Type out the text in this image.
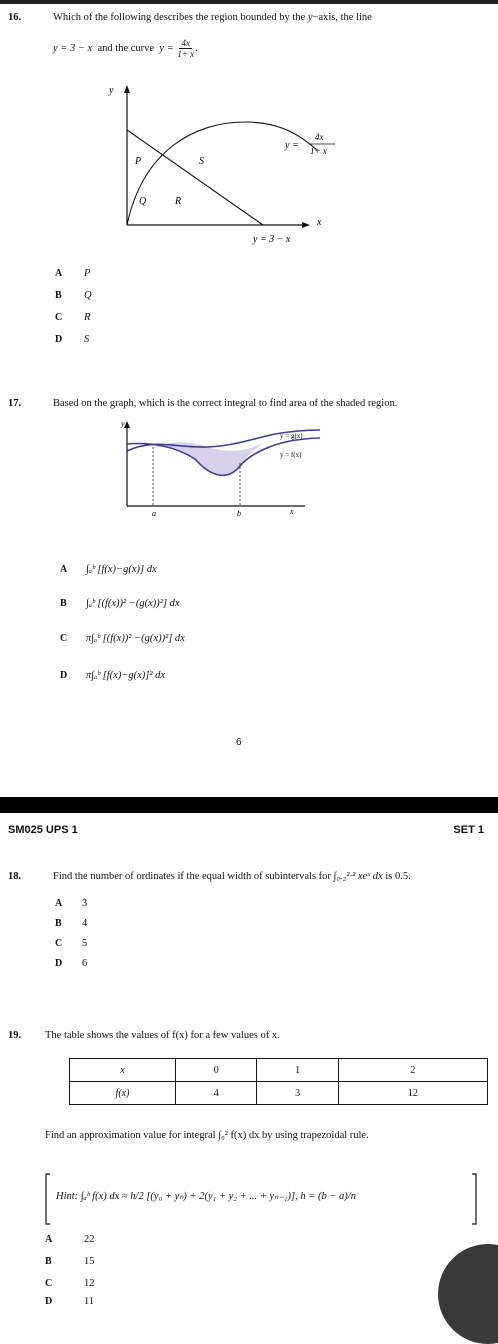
16.	Which of the following describes the region bounded by the y−axis, the line
y = 3 − x and the curve $y = \frac{4x}{1+ x}$ .
y
x
P	S
Q	R
y =
4x
1+ x
y = 3 − x
A P
B Q
C R
D S
17.	Based on the graph, which is the correct integral to find area of the shaded region.
y
x
y = g(x)
y = f(x)
a	b
A ∫ₐᵇ [f(x)−g(x)] dx
B ∫ₐᵇ [(f(x))² −(g(x))²] dx
C π∫ₐᵇ [(f(x))² −(g(x))²] dx
D π∫ₐᵇ [f(x)−g(x)]² dx
6
SM025 UPS 1	SET 1
18.	Find the number of ordinates if the equal width of subintervals for ∫₀.₂²·² xeˣ dx is 0.5.
A 3
B 4
C 5
D 6
19. The table shows the values of f(x) for a few values of x.
x	0	1	2
f(x)	4	3	12
Find an approximation value for integral ∫₀² f(x) dx by using trapezoidal rule.
Hint: ∫ₐᵇ f(x) dx ≈ h/2 [(y₀ + yₙ) + 2(y₁ + y₂ + ... + yₙ₋₁)], h = (b − a)/n
A	22
B	15
C	12
D	11
